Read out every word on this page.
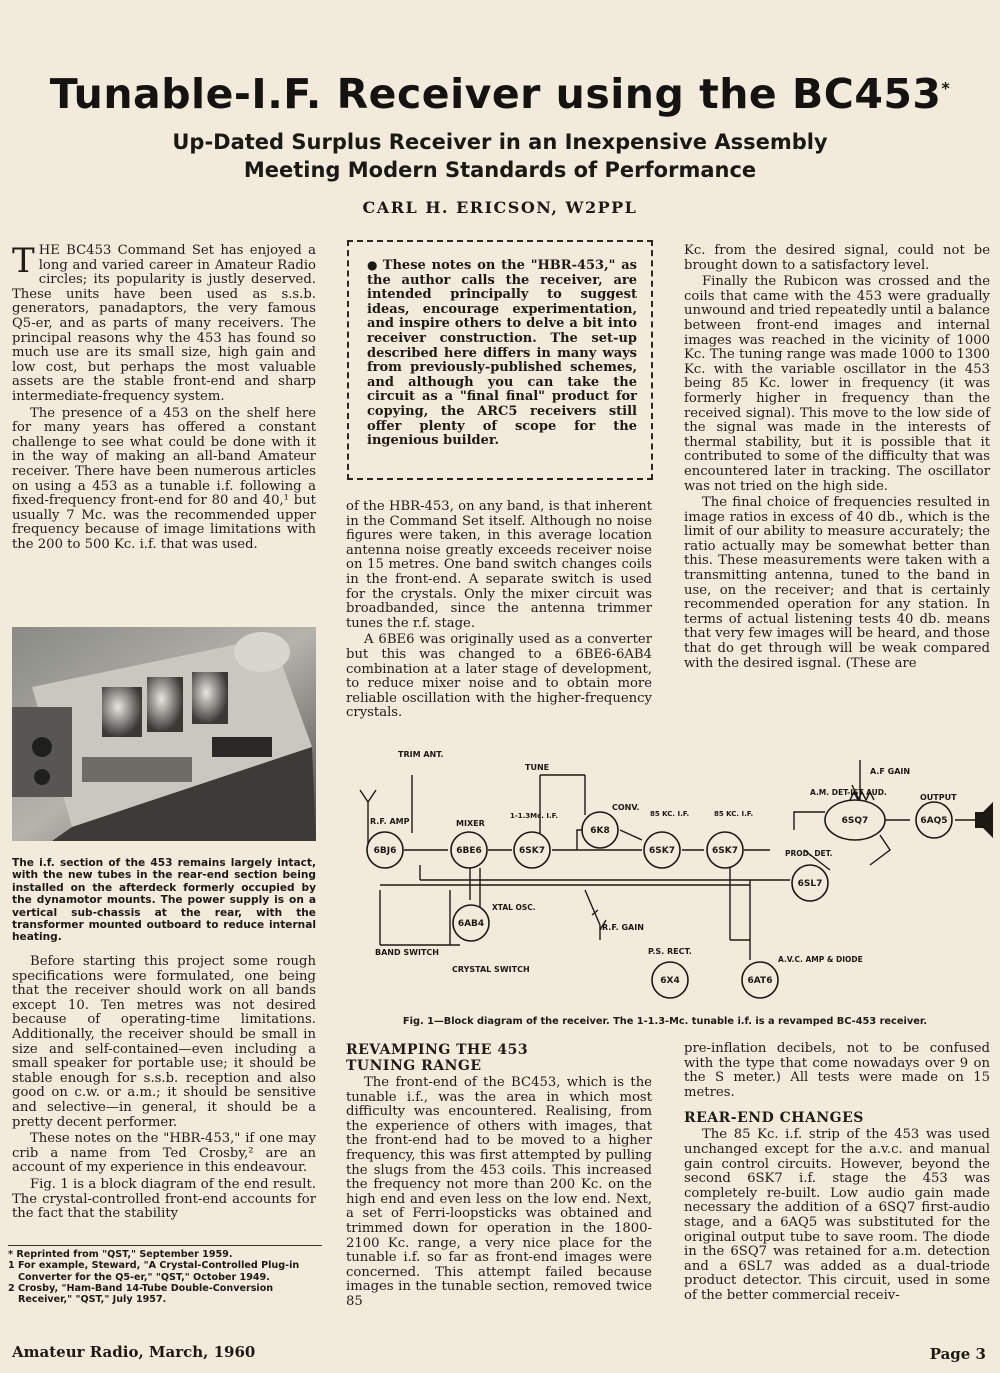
Tunable-I.F. Receiver using the BC453*
Up-Dated Surplus Receiver in an Inexpensive Assembly
Meeting Modern Standards of Performance
CARL H. ERICSON, W2PPL

THE BC453 Command Set has enjoyed a long and varied career in Amateur Radio circles; its popularity is justly deserved. These units have been used as s.s.b. generators, panadaptors, the very famous Q5-er, and as parts of many receivers. The principal reasons why the 453 has found so much use are its small size, high gain and low cost, but perhaps the most valuable assets are the stable front-end and sharp intermediate-frequency system.

The presence of a 453 on the shelf here for many years has offered a constant challenge to see what could be done with it in the way of making an all-band Amateur receiver. There have been numerous articles on using a 453 as a tunable i.f. following a fixed-frequency front-end for 80 and 40,¹ but usually 7 Mc. was the recommended upper frequency because of image limitations with the 200 to 500 Kc. i.f. that was used.

The i.f. section of the 453 remains largely intact, with the new tubes in the rear-end section being installed on the afterdeck formerly occupied by the dynamotor mounts. The power supply is on a vertical sub-chassis at the rear, with the transformer mounted outboard to reduce internal heating.

Before starting this project some rough specifications were formulated, one being that the receiver should work on all bands except 10. Ten metres was not desired because of operating-time limitations. Additionally, the receiver should be small in size and self-contained—even including a small speaker for portable use; it should be stable enough for s.s.b. reception and also good on c.w. or a.m.; it should be sensitive and selective—in general, it should be a pretty decent performer.

These notes on the "HBR-453," if one may crib a name from Ted Crosby,² are an account of my experience in this endeavour.

Fig. 1 is a block diagram of the end result. The crystal-controlled front-end accounts for the fact that the stability

* Reprinted from "QST," September 1959.
1 For example, Steward, "A Crystal-Controlled Plug-in Converter for the Q5-er," "QST," October 1949.
2 Crosby, "Ham-Band 14-Tube Double-Conversion Receiver," "QST," July 1957.
● These notes on the "HBR-453," as the author calls the receiver, are intended principally to suggest ideas, encourage experimentation, and inspire others to delve a bit into receiver construction. The set-up described here differs in many ways from previously-published schemes, and although you can take the circuit as a "final final" product for copying, the ARC5 receivers still offer plenty of scope for the ingenious builder.

of the HBR-453, on any band, is that inherent in the Command Set itself. Although no noise figures were taken, in this average location antenna noise greatly exceeds receiver noise on 15 metres. One band switch changes coils in the front-end. A separate switch is used for the crystals. Only the mixer circuit was broadbanded, since the antenna trimmer tunes the r.f. stage.

A 6BE6 was originally used as a converter but this was changed to a 6BE6-6AB4 combination at a later stage of development, to reduce mixer noise and to obtain more reliable oscillation with the higher-frequency crystals.

Kc. from the desired signal, could not be brought down to a satisfactory level.

Finally the Rubicon was crossed and the coils that came with the 453 were gradually unwound and tried repeatedly until a balance between front-end images and internal images was reached in the vicinity of 1000 Kc. The tuning range was made 1000 to 1300 Kc. with the variable oscillator in the 453 being 85 Kc. lower in frequency (it was formerly higher in frequency than the received signal). This move to the low side of the signal was made in the interests of thermal stability, but it is possible that it contributed to some of the difficulty that was encountered later in tracking. The oscillator was not tried on the high side.

The final choice of frequencies resulted in image ratios in excess of 40 db., which is the limit of our ability to measure accurately; the ratio actually may be somewhat better than this. These measurements were taken with a transmitting antenna, tuned to the band in use, on the receiver; and that is certainly recommended operation for any station. In terms of actual listening tests 40 db. means that very few images will be heard, and those that do get through will be weak compared with the desired isgnal. (These are

6BJ6	6BE6	6SK7
6K8
6SK7	6SK7
6SQ7	6AQ5
6SL7
6AB4
6X4	6AT6
TRIM ANT.
TUNE
R.F. AMP	MIXER
1-1.3Mc. I.F.
CONV.
85 KC. I.F.	85 KC. I.F.
A.M. DET-IST AUD.
A.F GAIN
OUTPUT
PROD. DET.
XTAL OSC.
R.F. GAIN
BAND SWITCH
CRYSTAL SWITCH
P.S. RECT.
A.V.C. AMP & DIODE
Fig. 1—Block diagram of the receiver. The 1-1.3-Mc. tunable i.f. is a revamped BC-453 receiver.
REVAMPING THE 453
TUNING RANGE

The front-end of the BC453, which is the tunable i.f., was the area in which most difficulty was encountered. Realising, from the experience of others with images, that the front-end had to be moved to a higher frequency, this was first attempted by pulling the slugs from the 453 coils. This increased the frequency not more than 200 Kc. on the high end and even less on the low end. Next, a set of Ferri-loopsticks was obtained and trimmed down for operation in the 1800-2100 Kc. range, a very nice place for the tunable i.f. so far as front-end images were concerned. This attempt failed because images in the tunable section, removed twice 85

pre-inflation decibels, not to be confused with the type that come nowadays over 9 on the S meter.) All tests were made on 15 metres.

REAR-END CHANGES

The 85 Kc. i.f. strip of the 453 was used unchanged except for the a.v.c. and manual gain control circuits. However, beyond the second 6SK7 i.f. stage the 453 was completely re-built. Low audio gain made necessary the addition of a 6SQ7 first-audio stage, and a 6AQ5 was substituted for the original output tube to save room. The diode in the 6SQ7 was retained for a.m. detection and a 6SL7 was added as a dual-triode product detector. This circuit, used in some of the better commercial receiv-

Amateur Radio, March, 1960	Page 3
